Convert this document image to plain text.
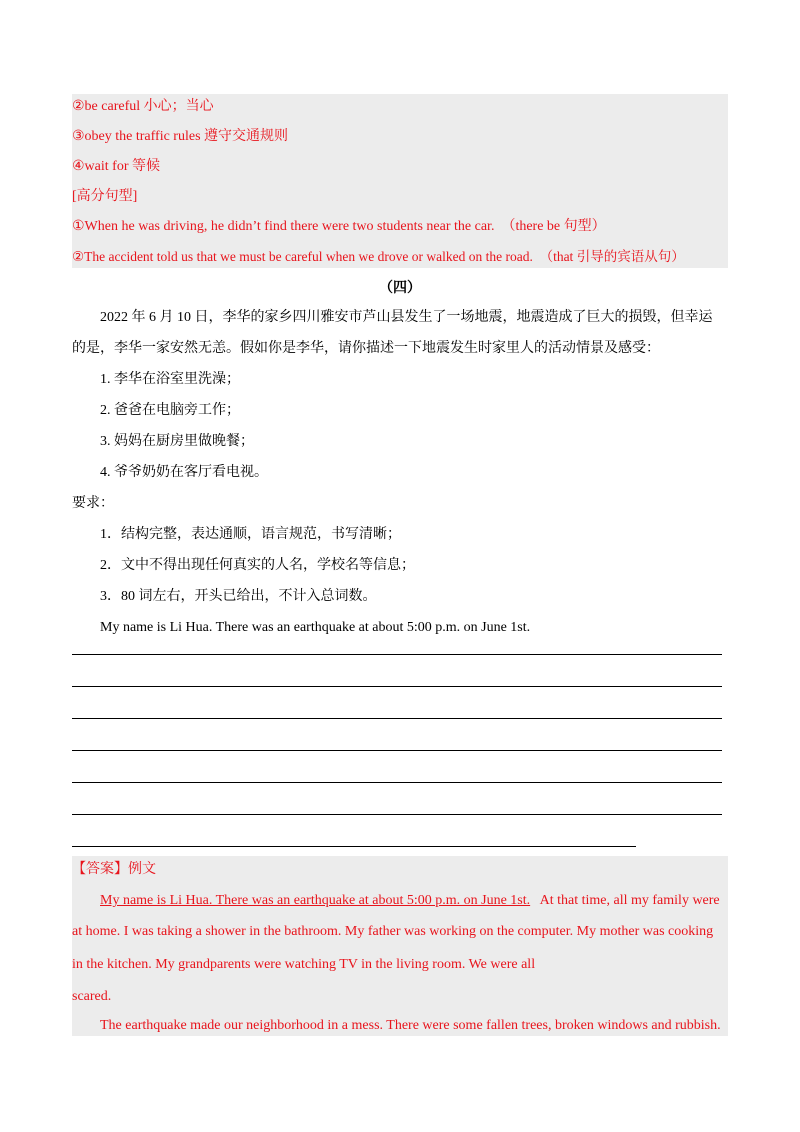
②be careful 小心；当心
③obey the traffic rules 遵守交通规则
④wait for 等候
[高分句型]
①When he was driving, he didn’t find there were two students near the car.　（there be 句型）
②The accident told us that we must be careful when we drove or walked on the road.　（that 引导的宾语从句）
（四）
2022 年 6 月 10 日，李华的家乡四川雅安市芦山县发生了一场地震，地震造成了巨大的损毁，但幸运
的是，李华一家安然无恙。假如你是李华，请你描述一下地震发生时家里人的活动情景及感受：
1. 李华在浴室里洗澡；
2. 爸爸在电脑旁工作；
3. 妈妈在厨房里做晚餐；
4. 爷爷奶奶在客厅看电视。
要求：
1．结构完整，表达通顺，语言规范，书写清晰；
2．文中不得出现任何真实的人名，学校名等信息；
3．80 词左右，开头已给出，不计入总词数。
My name is Li Hua. There was an earthquake at about 5:00 p.m. on June 1st.
【答案】例文
My name is Li Hua. There was an earthquake at about 5:00 p.m. on June 1st. At that time, all my family were
at home. I was taking a shower in the bathroom. My father was working on the computer. My mother was cooking
in the kitchen. My grandparents were watching TV in the living room. We were all
scared.
The earthquake made our neighborhood in a mess. There were some fallen trees, broken windows and rubbish.
